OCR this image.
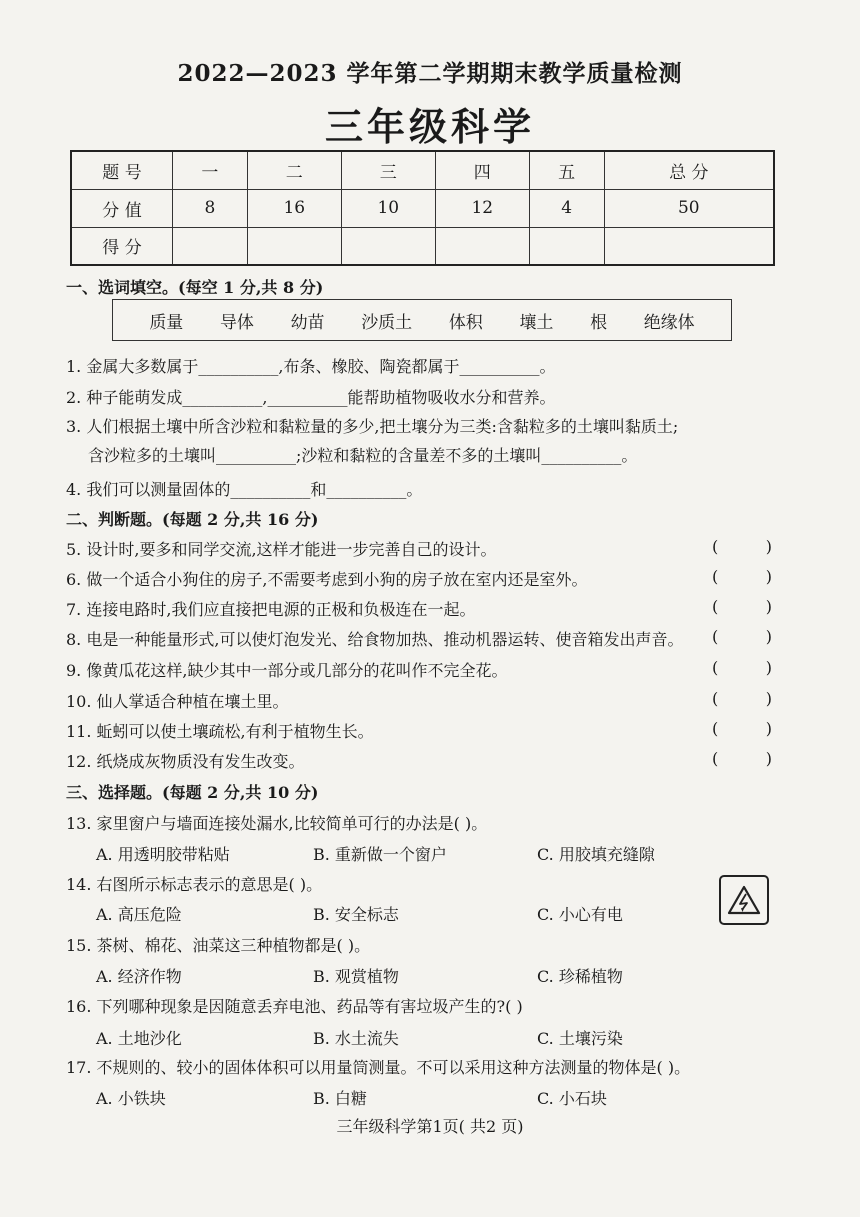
2022—2023 学年第二学期期末教学质量检测
三年级科学
题 号	一	二	三	四	五	总 分
分 值	8	16	10	12	4	50
得 分						
一、选词填空。(每空 1 分,共 8 分)
质量 导体 幼苗 沙质土 体积 壤土 根 绝缘体
1. 金属大多数属于__________,布条、橡胶、陶瓷都属于__________。
2. 种子能萌发成__________,__________能帮助植物吸收水分和营养。
3. 人们根据土壤中所含沙粒和黏粒量的多少,把土壤分为三类:含黏粒多的土壤叫黏质土;
含沙粒多的土壤叫__________;沙粒和黏粒的含量差不多的土壤叫__________。
4. 我们可以测量固体的__________和__________。
二、判断题。(每题 2 分,共 16 分)
5. 设计时,要多和同学交流,这样才能进一步完善自己的设计。	(	)
6. 做一个适合小狗住的房子,不需要考虑到小狗的房子放在室内还是室外。	(	)
7. 连接电路时,我们应直接把电源的正极和负极连在一起。	(	)
8. 电是一种能量形式,可以使灯泡发光、给食物加热、推动机器运转、使音箱发出声音。 (	)
9. 像黄瓜花这样,缺少其中一部分或几部分的花叫作不完全花。	(	)
10. 仙人掌适合种植在壤土里。	(	)
11. 蚯蚓可以使土壤疏松,有利于植物生长。	(	)
12. 纸烧成灰物质没有发生改变。	(	)
三、选择题。(每题 2 分,共 10 分)
13. 家里窗户与墙面连接处漏水,比较简单可行的办法是( )。
A. 用透明胶带粘贴	B. 重新做一个窗户	C. 用胶填充缝隙
14. 右图所示标志表示的意思是( )。
A. 高压危险	B. 安全标志	C. 小心有电
15. 茶树、棉花、油菜这三种植物都是( )。
A. 经济作物	B. 观赏植物	C. 珍稀植物
16. 下列哪种现象是因随意丢弃电池、药品等有害垃圾产生的?( )
A. 土地沙化	B. 水土流失	C. 土壤污染
17. 不规则的、较小的固体体积可以用量筒测量。不可以采用这种方法测量的物体是( )。
A. 小铁块	B. 白糖	C. 小石块
三年级科学第1页( 共2 页)
